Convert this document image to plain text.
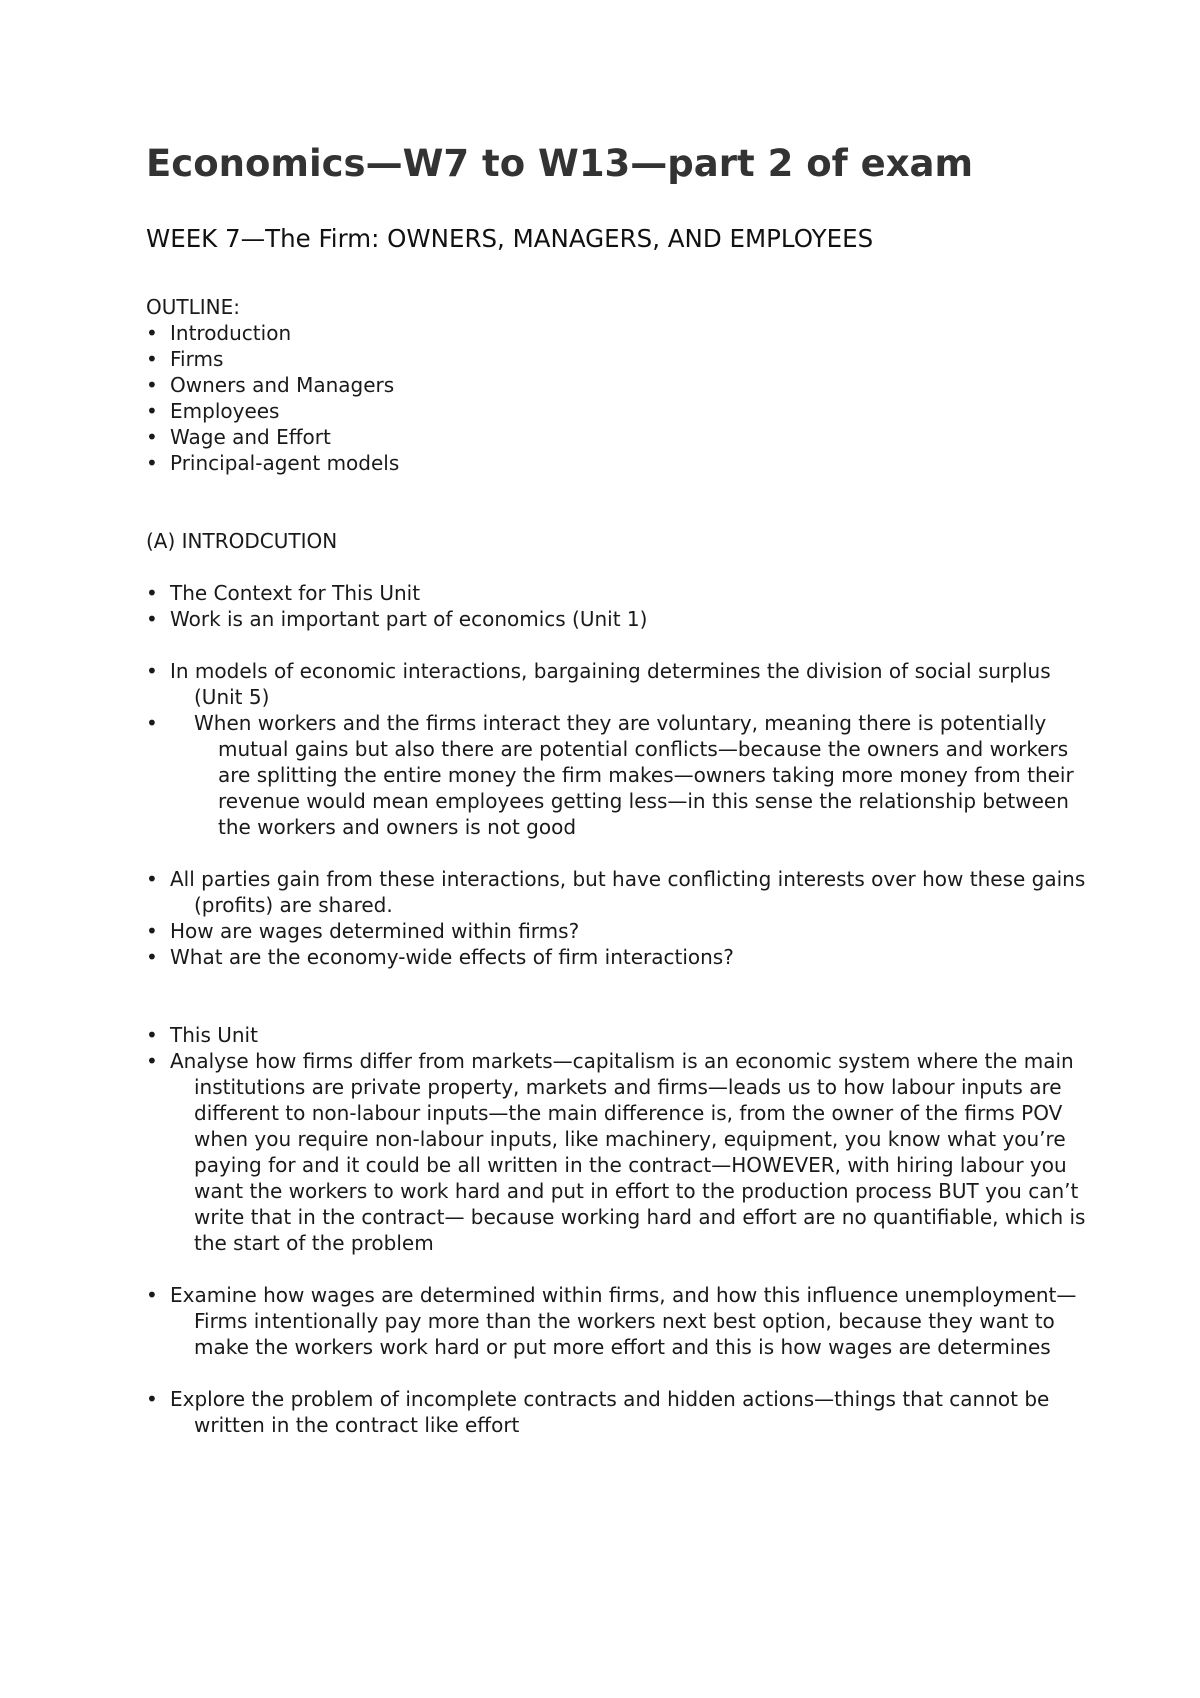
Economics—W7 to W13—part 2 of exam
WEEK 7—The Firm: OWNERS, MANAGERS, AND EMPLOYEES
OUTLINE:
• Introduction
• Firms
• Owners and Managers
• Employees
• Wage and Effort
• Principal-agent models
(A) INTRODCUTION
• The Context for This Unit
• Work is an important part of economics (Unit 1)
• In models of economic interactions, bargaining determines the division of social surplus (Unit 5)
•	When workers and the firms interact they are voluntary, meaning there is potentially mutual gains but also there are potential conflicts—because the owners and workers are splitting the entire money the firm makes—owners taking more money from their revenue would mean employees getting less—in this sense the relationship between the workers and owners is not good
• All parties gain from these interactions, but have conflicting interests over how these gains (profits) are shared.
• How are wages determined within firms?
• What are the economy-wide effects of firm interactions?
• This Unit
• Analyse how firms differ from markets—capitalism is an economic system where the main institutions are private property, markets and firms—leads us to how labour inputs are different to non-labour inputs—the main difference is, from the owner of the firms POV when you require non-labour inputs, like machinery, equipment, you know what you’re paying for and it could be all written in the contract—HOWEVER, with hiring labour you want the workers to work hard and put in effort to the production process BUT you can’t write that in the contract— because working hard and effort are no quantifiable, which is the start of the problem
• Examine how wages are determined within firms, and how this influence unemployment— Firms intentionally pay more than the workers next best option, because they want to make the workers work hard or put more effort and this is how wages are determines
• Explore the problem of incomplete contracts and hidden actions—things that cannot be written in the contract like effort
